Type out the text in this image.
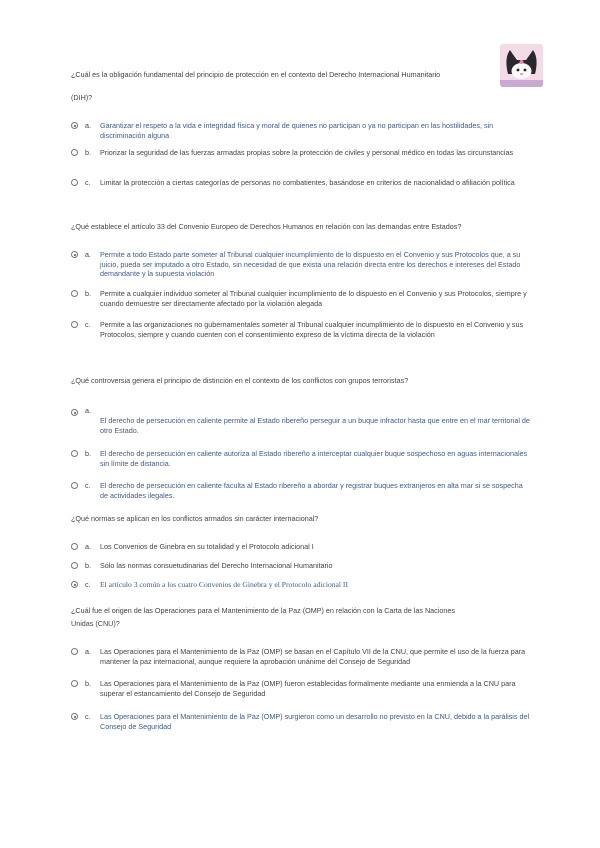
¿Cuál es la obligación fundamental del principio de protección en el contexto del Derecho Internacional Humanitario
(DIH)?
a. Garantizar el respeto a la vida e integridad física y moral de quienes no participan o ya no participan en las hostilidades, sin discriminación alguna
b. Priorizar la seguridad de las fuerzas armadas propias sobre la protección de civiles y personal médico en todas las circunstancias
c. Limitar la protección a ciertas categorías de personas no combatientes, basándose en criterios de nacionalidad o afiliación política
¿Qué establece el artículo 33 del Convenio Europeo de Derechos Humanos en relación con las demandas entre Estados?
a. Permite a todo Estado parte someter al Tribunal cualquier incumplimiento de lo dispuesto en el Convenio y sus Protocolos que, a su juicio, pueda ser imputado a otro Estado, sin necesidad de que exista una relación directa entre los derechos e intereses del Estado demandante y la supuesta violación
b. Permite a cualquier individuo someter al Tribunal cualquier incumplimiento de lo dispuesto en el Convenio y sus Protocolos, siempre y cuando demuestre ser directamente afectado por la violación alegada
c. Permite a las organizaciones no gubernamentales someter al Tribunal cualquier incumplimiento de lo dispuesto en el Convenio y sus Protocolos, siempre y cuando cuenten con el consentimiento expreso de la víctima directa de la violación
¿Qué controversia genera el principio de distinción en el contexto de los conflictos con grupos terroristas?
a.
El derecho de persecución en caliente permite al Estado ribereño perseguir a un buque infractor hasta que entre en el mar territorial de otro Estado.
b. El derecho de persecución en caliente autoriza al Estado ribereño a interceptar cualquier buque sospechoso en aguas internacionales sin límite de distancia.
c. El derecho de persecución en caliente faculta al Estado ribereño a abordar y registrar buques extranjeros en alta mar si se sospecha de actividades ilegales.
¿Qué normas se aplican en los conflictos armados sin carácter internacional?
a. Los Convenios de Ginebra en su totalidad y el Protocolo adicional I
b. Sólo las normas consuetudinarias del Derecho Internacional Humanitario
c. El artículo 3 común a los cuatro Convenios de Ginebra y el Protocolo adicional II
¿Cuál fue el origen de las Operaciones para el Mantenimiento de la Paz (OMP) en relación con la Carta de las Naciones
Unidas (CNU)?
a. Las Operaciones para el Mantenimiento de la Paz (OMP) se basan en el Capítulo VII de la CNU, que permite el uso de la fuerza para mantener la paz internacional, aunque requiere la aprobación unánime del Consejo de Seguridad
b. Las Operaciones para el Mantenimiento de la Paz (OMP) fueron establecidas formalmente mediante una enmienda a la CNU para superar el estancamiento del Consejo de Seguridad
c. Las Operaciones para el Mantenimiento de la Paz (OMP) surgieron como un desarrollo no previsto en la CNU, debido a la parálisis del Consejo de Seguridad
